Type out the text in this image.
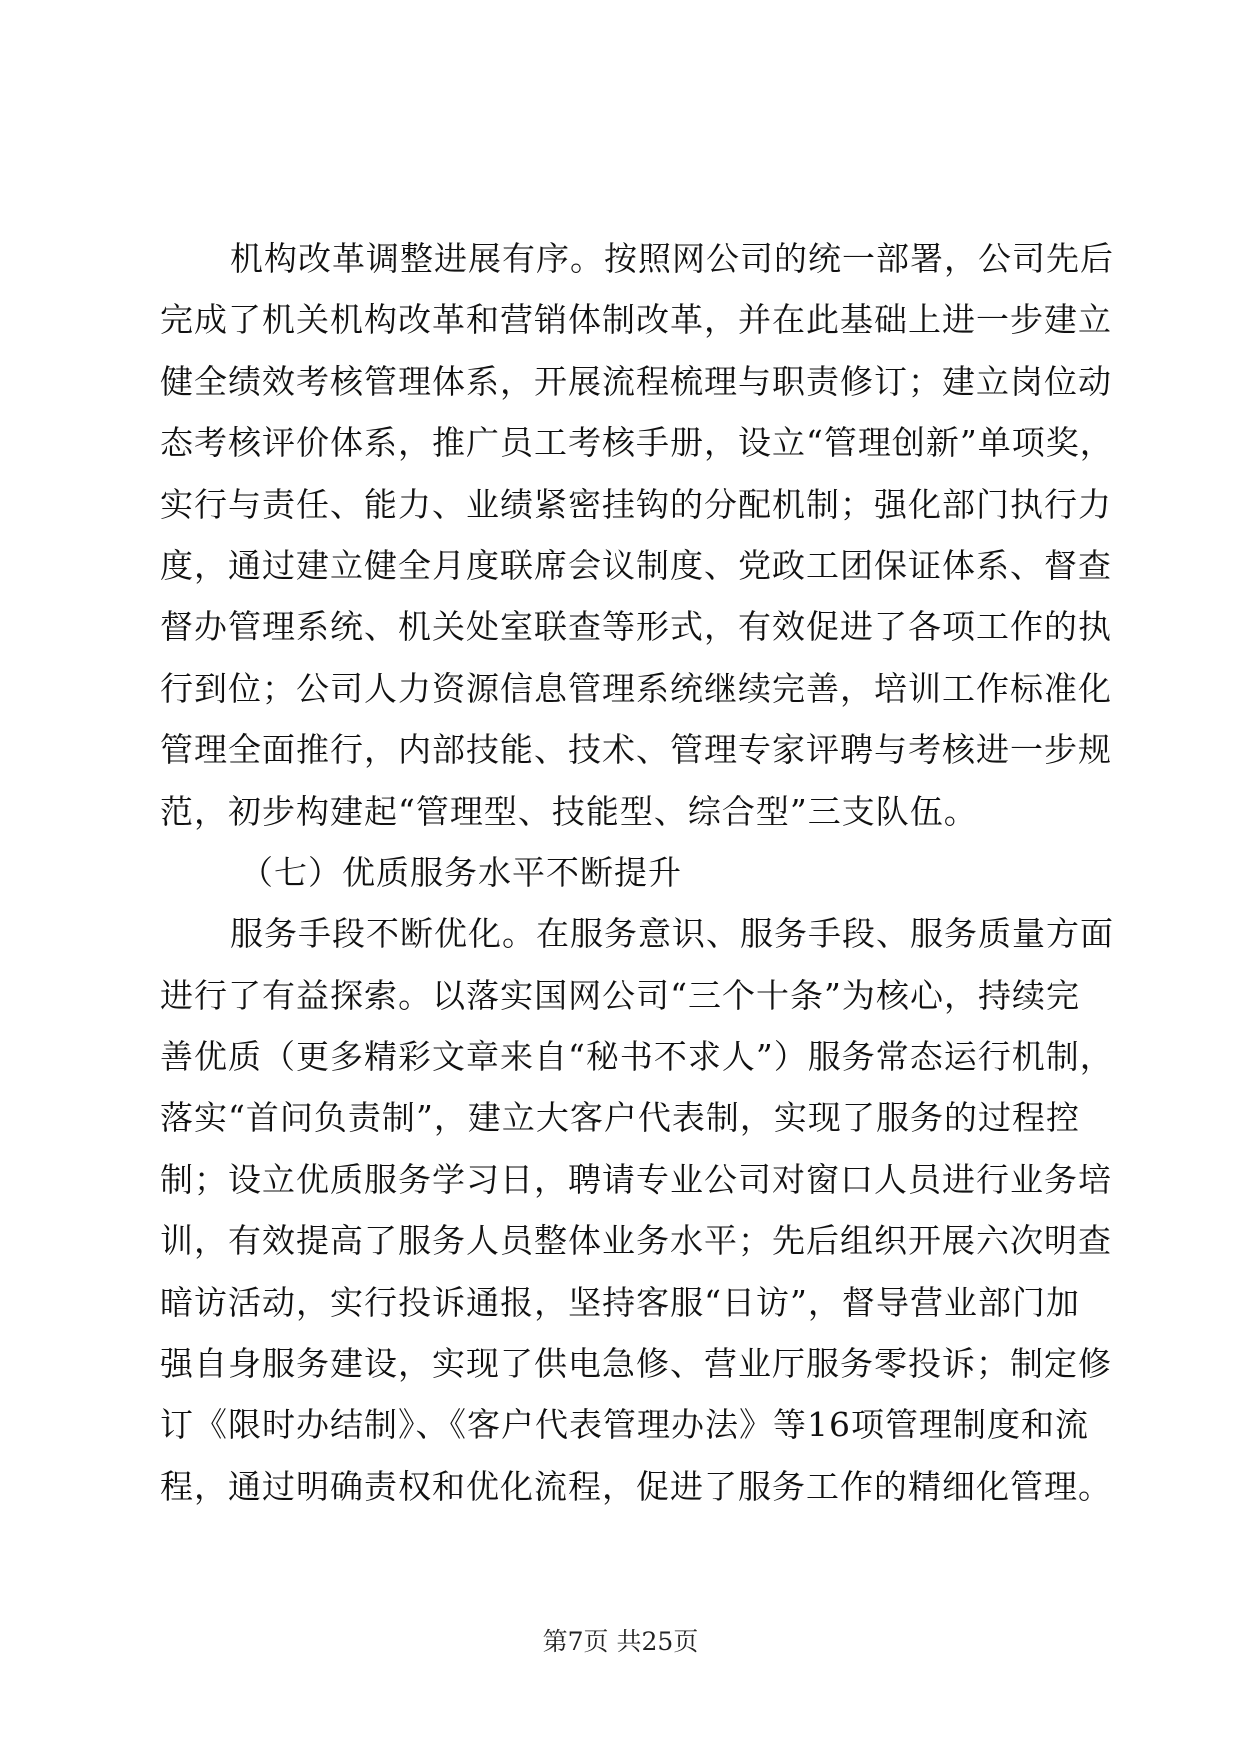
机构改革调整进展有序。按照网公司的统一部署，公司先后
完成了机关机构改革和营销体制改革，并在此基础上进一步建立
健全绩效考核管理体系，开展流程梳理与职责修订；建立岗位动
态考核评价体系，推广员工考核手册，设立“管理创新”单项奖，
实行与责任、能力、业绩紧密挂钩的分配机制；强化部门执行力
度，通过建立健全月度联席会议制度、党政工团保证体系、督查
督办管理系统、机关处室联查等形式，有效促进了各项工作的执
行到位；公司人力资源信息管理系统继续完善，培训工作标准化
管理全面推行，内部技能、技术、管理专家评聘与考核进一步规
范，初步构建起“管理型、技能型、综合型”三支队伍。
（七）优质服务水平不断提升
服务手段不断优化。在服务意识、服务手段、服务质量方面
进行了有益探索。以落实国网公司“三个十条”为核心，持续完
善优质（更多精彩文章来自“秘书不求人”）服务常态运行机制，
落实“首问负责制”，建立大客户代表制，实现了服务的过程控
制；设立优质服务学习日，聘请专业公司对窗口人员进行业务培
训，有效提高了服务人员整体业务水平；先后组织开展六次明查
暗访活动，实行投诉通报，坚持客服“日访”，督导营业部门加
强自身服务建设，实现了供电急修、营业厅服务零投诉；制定修
订《限时办结制》、《客户代表管理办法》等16项管理制度和流
程，通过明确责权和优化流程，促进了服务工作的精细化管理。
第7页 共25页
